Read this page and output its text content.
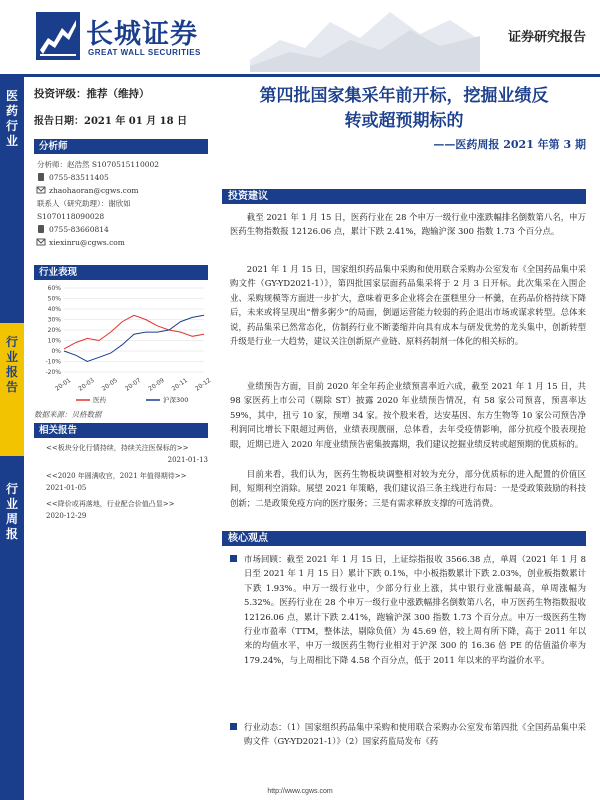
长城证券
GREAT WALL SECURITIES
证券研究报告
医
药
行
业
行
业
报
告
行
业
周
报
投资评级：推荐（维持）
报告日期：2021 年 01 月 18 日
分析师
分析师：赵浩然 S1070515110002
0755-83511405
zhaohaoran@cgws.com
联系人（研究助理）：谢欣如
S1070118090028
0755-83660814
xiexinru@cgws.com
行业表现
60%
50%
40%
30%
20%
10%
0%
-10%
-20%
20-01 20-03 20-05 20-07 20-09 20-11 20-12
医药	沪深300
数据来源：贝格数据
相关报告
<<板块分化行情持续，持续关注医保标的>>
2021-01-13
<<2020 年圆满收官，2021 年值得期待>>
2021-01-05
<<降价或再落地，行业配合价值凸显>>
2020-12-29
第四批国家集采年前开标，挖掘业绩反
转或超预期标的
——医药周报 2021 年第 3 期
投资建议
截至 2021 年 1 月 15 日，医药行业在 28 个申万一级行业中涨跌幅排名倒数第八名，申万医药生物指数报 12126.06 点，累计下跌 2.41%，跑输沪深 300 指数 1.73 个百分点。
2021 年 1 月 15 日，国家组织药品集中采购和使用联合采购办公室发布《全国药品集中采购文件（GY-YD2021-1）》，第四批国家层面药品集采将于 2 月 3 日开标。此次集采在入围企业、采购规模等方面进一步扩大，意味着更多企业将会在蛋糕里分一杯羹，在药品价格持续下降后，未来或将呈现出“僧多粥少”的局面，倒逼运营能力较弱的药企退出市场或谋求转型。总体来说，药品集采已然常态化，仿制药行业不断萎缩并向具有成本与研发优势的龙头集中，创新转型升级是行业一大趋势，建议关注创新原产业链、原料药制剂一体化的相关标的。
业绩预告方面，目前 2020 年全年药企业绩预喜率近六成，截至 2021 年 1 月 15 日，共 98 家医药上市公司（剔除 ST）披露 2020 年业绩预告情况，有 58 家公司预喜，预喜率达 59%，其中，扭亏 10 家，预增 34 家。按个股来看，达安基因、东方生物等 10 家公司预告净利润同比增长下限超过两倍，业绩表现靓丽，总体看，去年受疫情影响，部分抗疫个股表现抢眼，近期已进入 2020 年度业绩预告密集披露期，我们建议挖掘业绩反转或超预期的优质标的。
目前来看，我们认为，医药生物板块调整相对较为充分，部分优质标的进入配置的价值区间，短期利空消除。展望 2021 年策略，我们建议沿三条主线进行布局：一是受政策鼓励的科技创新；二是政策免疫方向的医疗服务；三是有需求释放支撑的可选消费。
核心观点
市场回顾：截至 2021 年 1 月 15 日，上证综指报收 3566.38 点，单周（2021 年 1 月 8 日至 2021 年 1 月 15 日）累计下跌 0.1%，中小板指数累计下跌 2.03%，创业板指数累计下跌 1.93%。申万一级行业中，少部分行业上涨，其中银行业涨幅最高，单周涨幅为 5.32%。医药行业在 28 个申万一级行业中涨跌幅排名倒数第八名，申万医药生物指数报收 12126.06 点，累计下跌 2.41%，跑输沪深 300 指数 1.73 个百分点。申万一级医药生物行业市盈率（TTM，整体法，剔除负值）为 45.69 倍，较上周有所下降，高于 2011 年以来的均值水平，申万一级医药生物行业相对于沪深 300 的 16.36 倍 PE 的估值溢价率为 179.24%，与上周相比下降 4.58 个百分点，低于 2011 年以来的平均溢价水平。
行业动态：（1）国家组织药品集中采购和使用联合采购办公室发布第四批《全国药品集中采购文件（GY-YD2021-1）》（2）国家药监局发布《药
http://www.cgws.com
